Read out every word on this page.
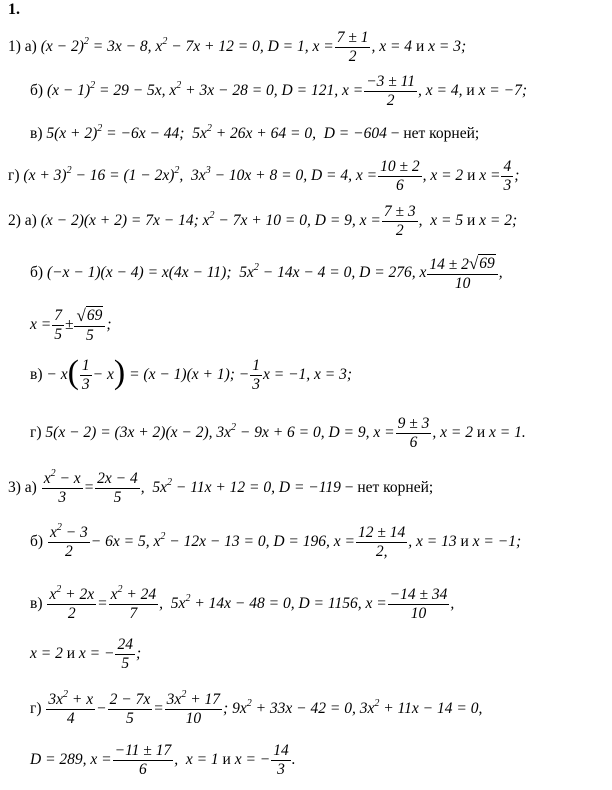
1.
1) а) $(x - 2)^2 = 3x - 8$, $x^2 - 7x + 12 = 0$, D = 1, $x = \frac{7 \pm 1}{2}$ , x = 4 и x = 3;
б) $(x - 1)^2 = 29 - 5x$, $x^2 + 3x - 28 = 0$, D = 121, $x = \frac{-3 \pm 11}{2}$ , x = 4, и x = −7;
в) $5(x + 2)^2 = -6x - 44$;  $5x^2 + 26x + 64 = 0$,  D = −604 − нет корней;
г) $(x + 3)^2 - 16 = (1 - 2x)^2$,  $3x^3 - 10x + 8 = 0$, D = 4, $x = \frac{10 \pm 2}{6}$ , x = 2 и $x = \frac{4}{3}$ ;
2) а) (x − 2)(x + 2) = 7x − 14; $x^2 - 7x + 10 = 0$, D = 9, $x = \frac{7 \pm 3}{2}$ ,  x = 5 и x = 2;
б) (−x − 1)(x − 4) = x(4x − 11);  $5x^2 - 14x - 4 = 0$, D = 276, x $\frac{14 \pm 2 √ 69}{10}$ ,
$x = \frac{7}{5} \pm \frac{√ 69}{5}$ ;
в) − x ( $\frac{1}{3} - x$ ) = (x − 1)(x + 1); − $\frac{1}{3}$ x = −1, x = 3;
г) 5(x − 2) = (3x + 2)(x − 2), $3x^2 - 9x + 6 = 0$, D = 9, $x = \frac{9 \pm 3}{6}$ , x = 2 и x = 1.
3) $а) \frac{x^2 - x}{3} = \frac{2x - 4}{5}$ ,  $5x^2 - 11x + 12 = 0$, D = −119 − нет корней;
$б) \frac{x^2 - 3}{2} - 6x = 5$, $x^2 - 12x - 13 = 0$, D = 196, $x = \frac{12 \pm 14}{2,}$ , x = 13 и x = −1;
$в) \frac{x^2 + 2x}{2} = \frac{x^2 + 24}{7}$ ,  $5x^2 + 14x - 48 = 0$, D = 1156, $x = \frac{-14 \pm 34}{10}$ ,
x = 2 и x = − $\frac{24}{5}$ ;
$г) \frac{3x^2 + x}{4} - \frac{2 - 7x}{5} = \frac{3x^2 + 17}{10}$ ; $9x^2 + 33x - 42 = 0$, $3x^2 + 11x - 14 = 0$,
D = 289, $x = \frac{-11 \pm 17}{6}$ ,  x = 1 и x = − $\frac{14}{3}$ .
